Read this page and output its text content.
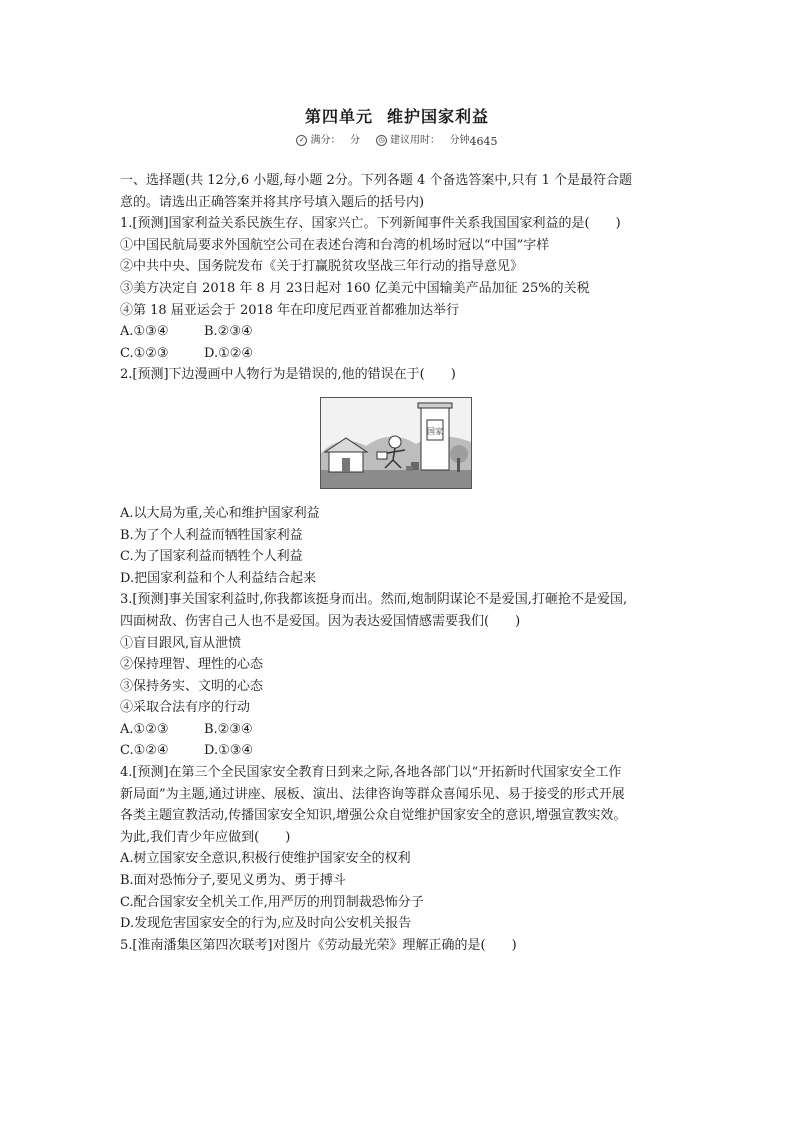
第四单元 维护国家利益
✓ 满分： 分	◷ 建议用时： 分钟4645
一、选择题(共 12分,6 小题,每小题 2分。下列各题 4 个备选答案中,只有 1 个是最符合题
意的。请选出正确答案并将其序号填入题后的括号内)
1.[预测]国家利益关系民族生存、国家兴亡。下列新闻事件关系我国国家利益的是(　　)
①中国民航局要求外国航空公司在表述台湾和台湾的机场时冠以“中国”字样
②中共中央、国务院发布《关于打赢脱贫攻坚战三年行动的指导意见》
③美方决定自 2018 年 8 月 23日起对 160 亿美元中国输美产品加征 25%的关税
④第 18 届亚运会于 2018 年在印度尼西亚首都雅加达举行
A.①③④	B.②③④
C.①②③	D.①②④
2.[预测]下边漫画中人物行为是错误的,他的错误在于(　　)
国家
A.以大局为重,关心和维护国家利益
B.为了个人利益而牺牲国家利益
C.为了国家利益而牺牲个人利益
D.把国家利益和个人利益结合起来
3.[预测]事关国家利益时,你我都该挺身而出。然而,炮制阴谋论不是爱国,打砸抢不是爱国,
四面树敌、伤害自己人也不是爱国。因为表达爱国情感需要我们(　　)
①盲目跟风,盲从泄愤
②保持理智、理性的心态
③保持务实、文明的心态
④采取合法有序的行动
A.①②③	B.②③④
C.①②④	D.①③④
4.[预测]在第三个全民国家安全教育日到来之际,各地各部门以“开拓新时代国家安全工作
新局面”为主题,通过讲座、展板、演出、法律咨询等群众喜闻乐见、易于接受的形式开展
各类主题宣教活动,传播国家安全知识,增强公众自觉维护国家安全的意识,增强宣教实效。
为此,我们青少年应做到(　　)
A.树立国家安全意识,积极行使维护国家安全的权利
B.面对恐怖分子,要见义勇为、勇于搏斗
C.配合国家安全机关工作,用严厉的刑罚制裁恐怖分子
D.发现危害国家安全的行为,应及时向公安机关报告
5.[淮南潘集区第四次联考]对图片《劳动最光荣》理解正确的是(　　)
